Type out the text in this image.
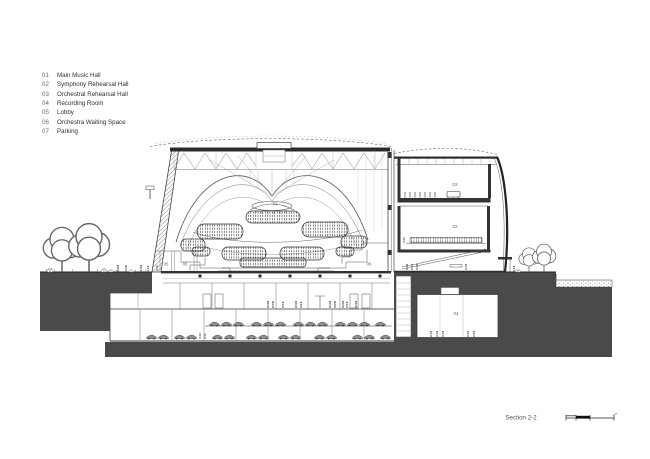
01	Main Music Hall
02	Symphony Rehearsal Hall
03	Orchestral Rehearsal Hall
04	Recording Room
05	Lobby
06	Orchestra Waiting Space
07	Parking
01
05	06	06
03
02
04
Section 2-2
